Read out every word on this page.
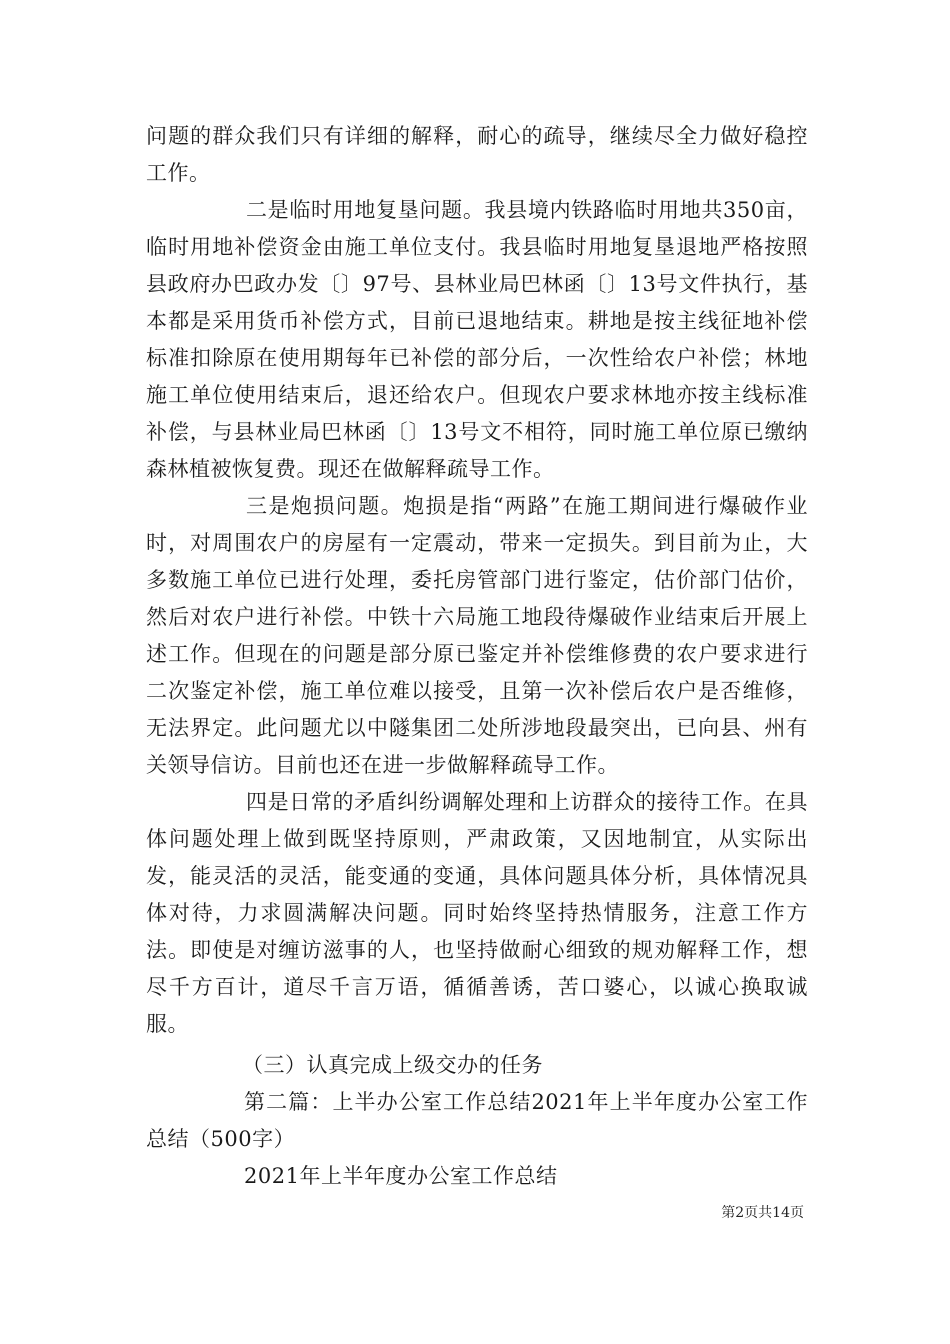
问题的群众我们只有详细的解释，耐心的疏导，继续尽全力做好稳控工作。

二是临时用地复垦问题。我县境内铁路临时用地共350亩，临时用地补偿资金由施工单位支付。我县临时用地复垦退地严格按照县政府办巴政办发〔〕97号、县林业局巴林函〔〕13号文件执行，基本都是采用货币补偿方式，目前已退地结束。耕地是按主线征地补偿标准扣除原在使用期每年已补偿的部分后，一次性给农户补偿；林地施工单位使用结束后，退还给农户。但现农户要求林地亦按主线标准补偿，与县林业局巴林函〔〕13号文不相符，同时施工单位原已缴纳森林植被恢复费。现还在做解释疏导工作。

三是炮损问题。炮损是指“两路”在施工期间进行爆破作业时，对周围农户的房屋有一定震动，带来一定损失。到目前为止，大多数施工单位已进行处理，委托房管部门进行鉴定，估价部门估价，然后对农户进行补偿。中铁十六局施工地段待爆破作业结束后开展上述工作。但现在的问题是部分原已鉴定并补偿维修费的农户要求进行二次鉴定补偿，施工单位难以接受，且第一次补偿后农户是否维修，无法界定。此问题尤以中隧集团二处所涉地段最突出，已向县、州有关领导信访。目前也还在进一步做解释疏导工作。

四是日常的矛盾纠纷调解处理和上访群众的接待工作。在具体问题处理上做到既坚持原则，严肃政策，又因地制宜，从实际出发，能灵活的灵活，能变通的变通，具体问题具体分析，具体情况具体对待，力求圆满解决问题。同时始终坚持热情服务，注意工作方法。即使是对缠访滋事的人，也坚持做耐心细致的规劝解释工作，想尽千方百计，道尽千言万语，循循善诱，苦口婆心，以诚心换取诚服。

（三）认真完成上级交办的任务

第二篇：上半办公室工作总结2021年上半年度办公室工作总结（500字）

2021年上半年度办公室工作总结

第2页共14页
